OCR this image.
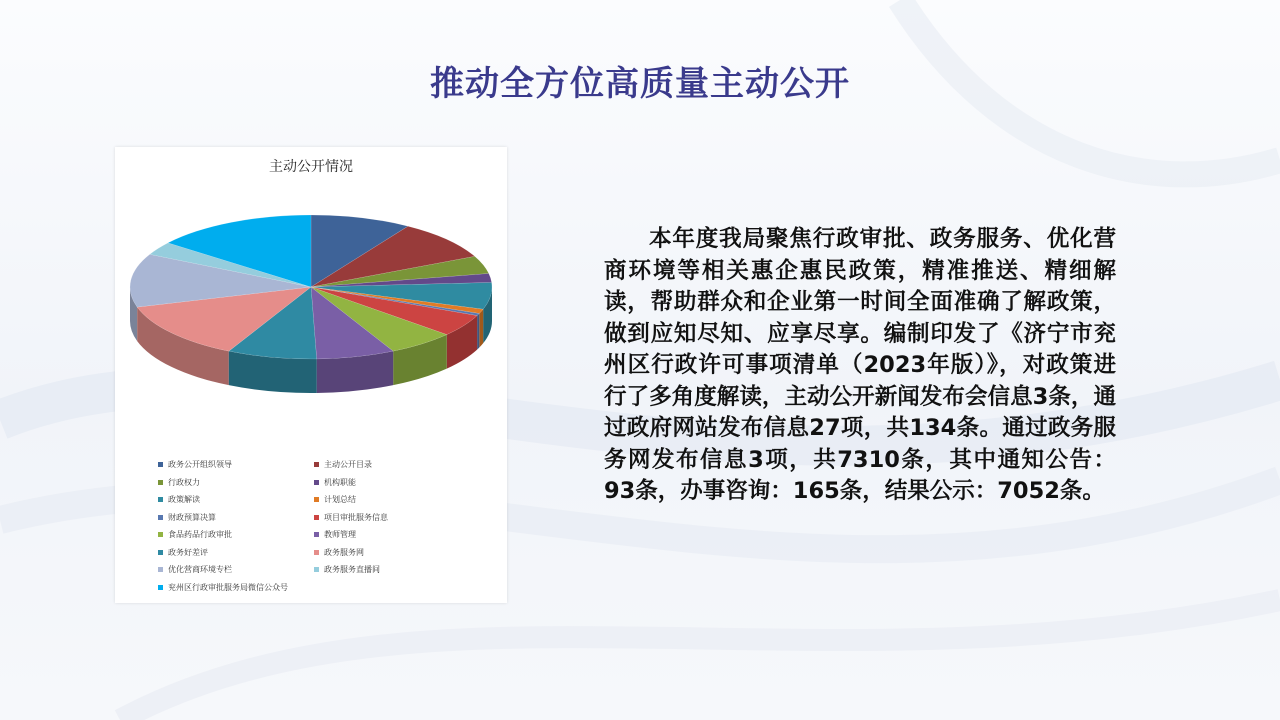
推动全方位高质量主动公开
主动公开情况
政务公开组织领导	主动公开目录
行政权力	机构职能
政策解读	计划总结
财政预算决算	项目审批服务信息
食品药品行政审批	教师管理
政务好差评	政务服务网
优化营商环境专栏	政务服务直播间
兖州区行政审批服务局微信公众号
本年度我局聚焦行政审批、政务服务、优化营商环境等相关惠企惠民政策，精准推送、精细解读，帮助群众和企业第一时间全面准确了解政策，做到应知尽知、应享尽享。编制印发了《济宁市兖州区行政许可事项清单（2023年版）》，对政策进行了多角度解读，主动公开新闻发布会信息3条，通过政府网站发布信息27项，共134条。通过政务服务网发布信息3项，共7310条，其中通知公告：93条，办事咨询：165条，结果公示：7052条。
